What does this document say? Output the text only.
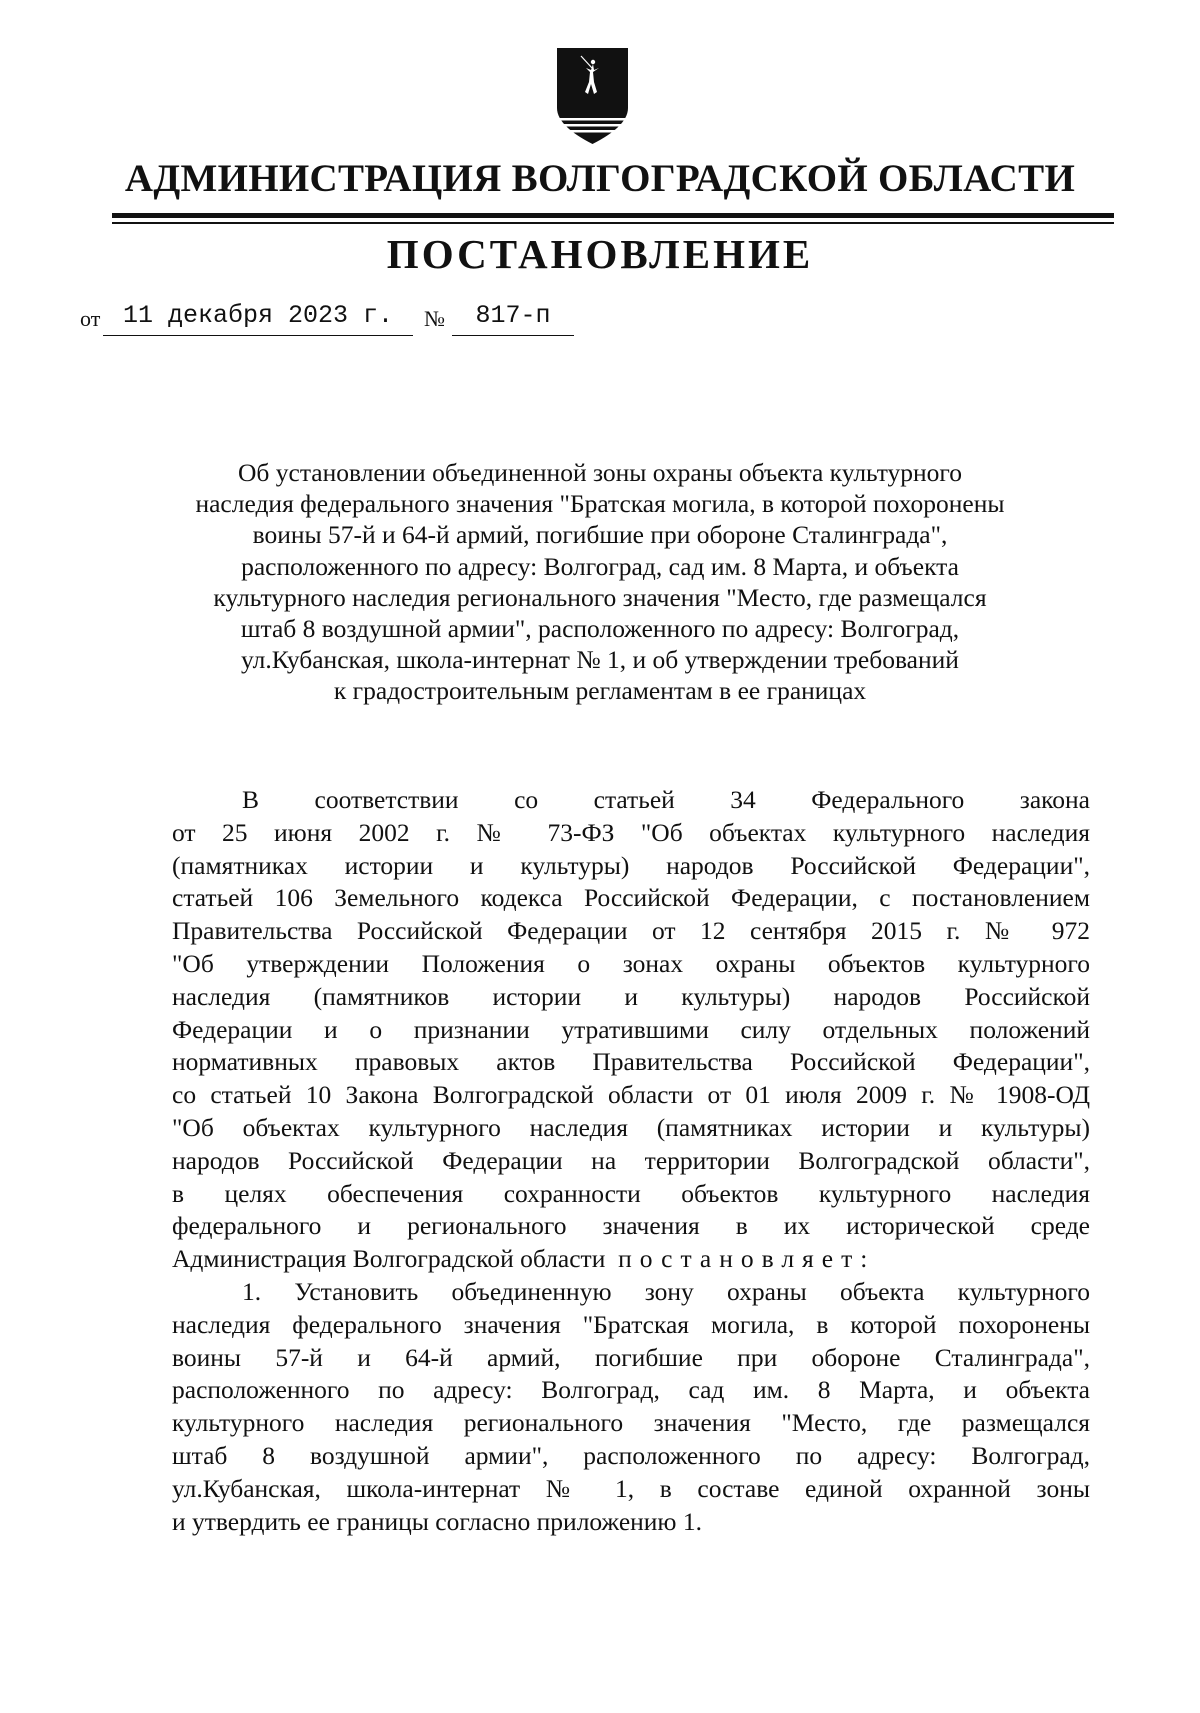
АДМИНИСТРАЦИЯ ВОЛГОГРАДСКОЙ ОБЛАСТИ
ПОСТАНОВЛЕНИЕ
от 11 декабря 2023 г.	№	817-п
Об установлении объединенной зоны охраны объекта культурного
наследия федерального значения "Братская могила, в которой похоронены
воины 57-й и 64-й армий, погибшие при обороне Сталинграда",
расположенного по адресу: Волгоград, сад им. 8 Марта, и объекта
культурного наследия регионального значения "Место, где размещался
штаб 8 воздушной армии", расположенного по адресу: Волгоград,
ул.Кубанская, школа-интернат № 1, и об утверждении требований
к градостроительным регламентам в ее границах
В соответствии со статьей 34 Федерального закона
от 25 июня 2002 г. № 73-ФЗ "Об объектах культурного наследия
(памятниках истории и культуры) народов Российской Федерации",
статьей 106 Земельного кодекса Российской Федерации, с постановлением
Правительства Российской Федерации от 12 сентября 2015 г. № 972
"Об утверждении Положения о зонах охраны объектов культурного
наследия (памятников истории и культуры) народов Российской
Федерации и о признании утратившими силу отдельных положений
нормативных правовых актов Правительства Российской Федерации",
со статьей 10 Закона Волгоградской области от 01 июля 2009 г. № 1908-ОД
"Об объектах культурного наследия (памятниках истории и культуры)
народов Российской Федерации на территории Волгоградской области",
в целях обеспечения сохранности объектов культурного наследия
федерального и регионального значения в их исторической среде
Администрация Волгоградской области постановляет:
1. Установить объединенную зону охраны объекта культурного
наследия федерального значения "Братская могила, в которой похоронены
воины 57-й и 64-й армий, погибшие при обороне Сталинграда",
расположенного по адресу: Волгоград, сад им. 8 Марта, и объекта
культурного наследия регионального значения "Место, где размещался
штаб 8 воздушной армии", расположенного по адресу: Волгоград,
ул.Кубанская, школа-интернат № 1, в составе единой охранной зоны
и утвердить ее границы согласно приложению 1.
